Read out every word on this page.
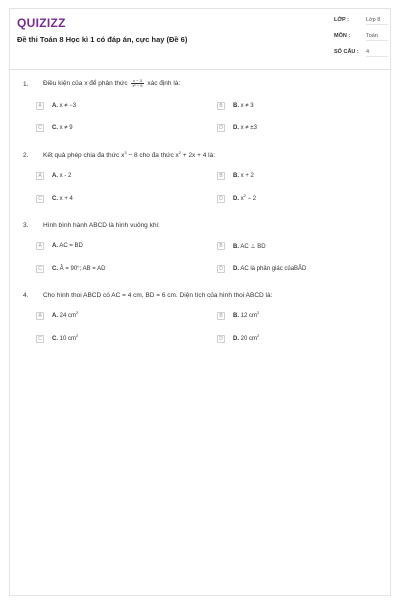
QUIZIZZ
Đề thi Toán 8 Học kì 1 có đáp án, cực hay (Đề 6)
LỚP :	Lớp 8
MÔN :	Toán
SỐ CÂU : 4
1. Điều kiện của x để phân thức $\frac{x - 3}{\text{x² − 9}}$ xác định là:
A	A. x ≠ −3	B	B. x ≠ 3
C	C. x ≠ 9	D	D. x ≠ ±3
2. Kết quả phép chia đa thức $x^3 - 8$ cho đa thức $x^2 + 2x + 4$ là:
A	A. x - 2	B	B. x + 2
C	C. x + 4	D	D. $x^2 - 2$
3. Hình bình hành ABCD là hình vuông khi:
A	A. AC = BD	B	B. AC ⊥ BD
C	C. Â = 90°; AB = AD	D	D. AC là phân giác củaBÂD
4. Cho hình thoi ABCD có AC = 4 cm, BD = 6 cm. Diện tích của hình thoi ABCD là:
A	A. 24 $cm^2$
B	B. 12 $cm^2$
C	C. 10 $cm^2$
D	D. 20 $cm^2$
